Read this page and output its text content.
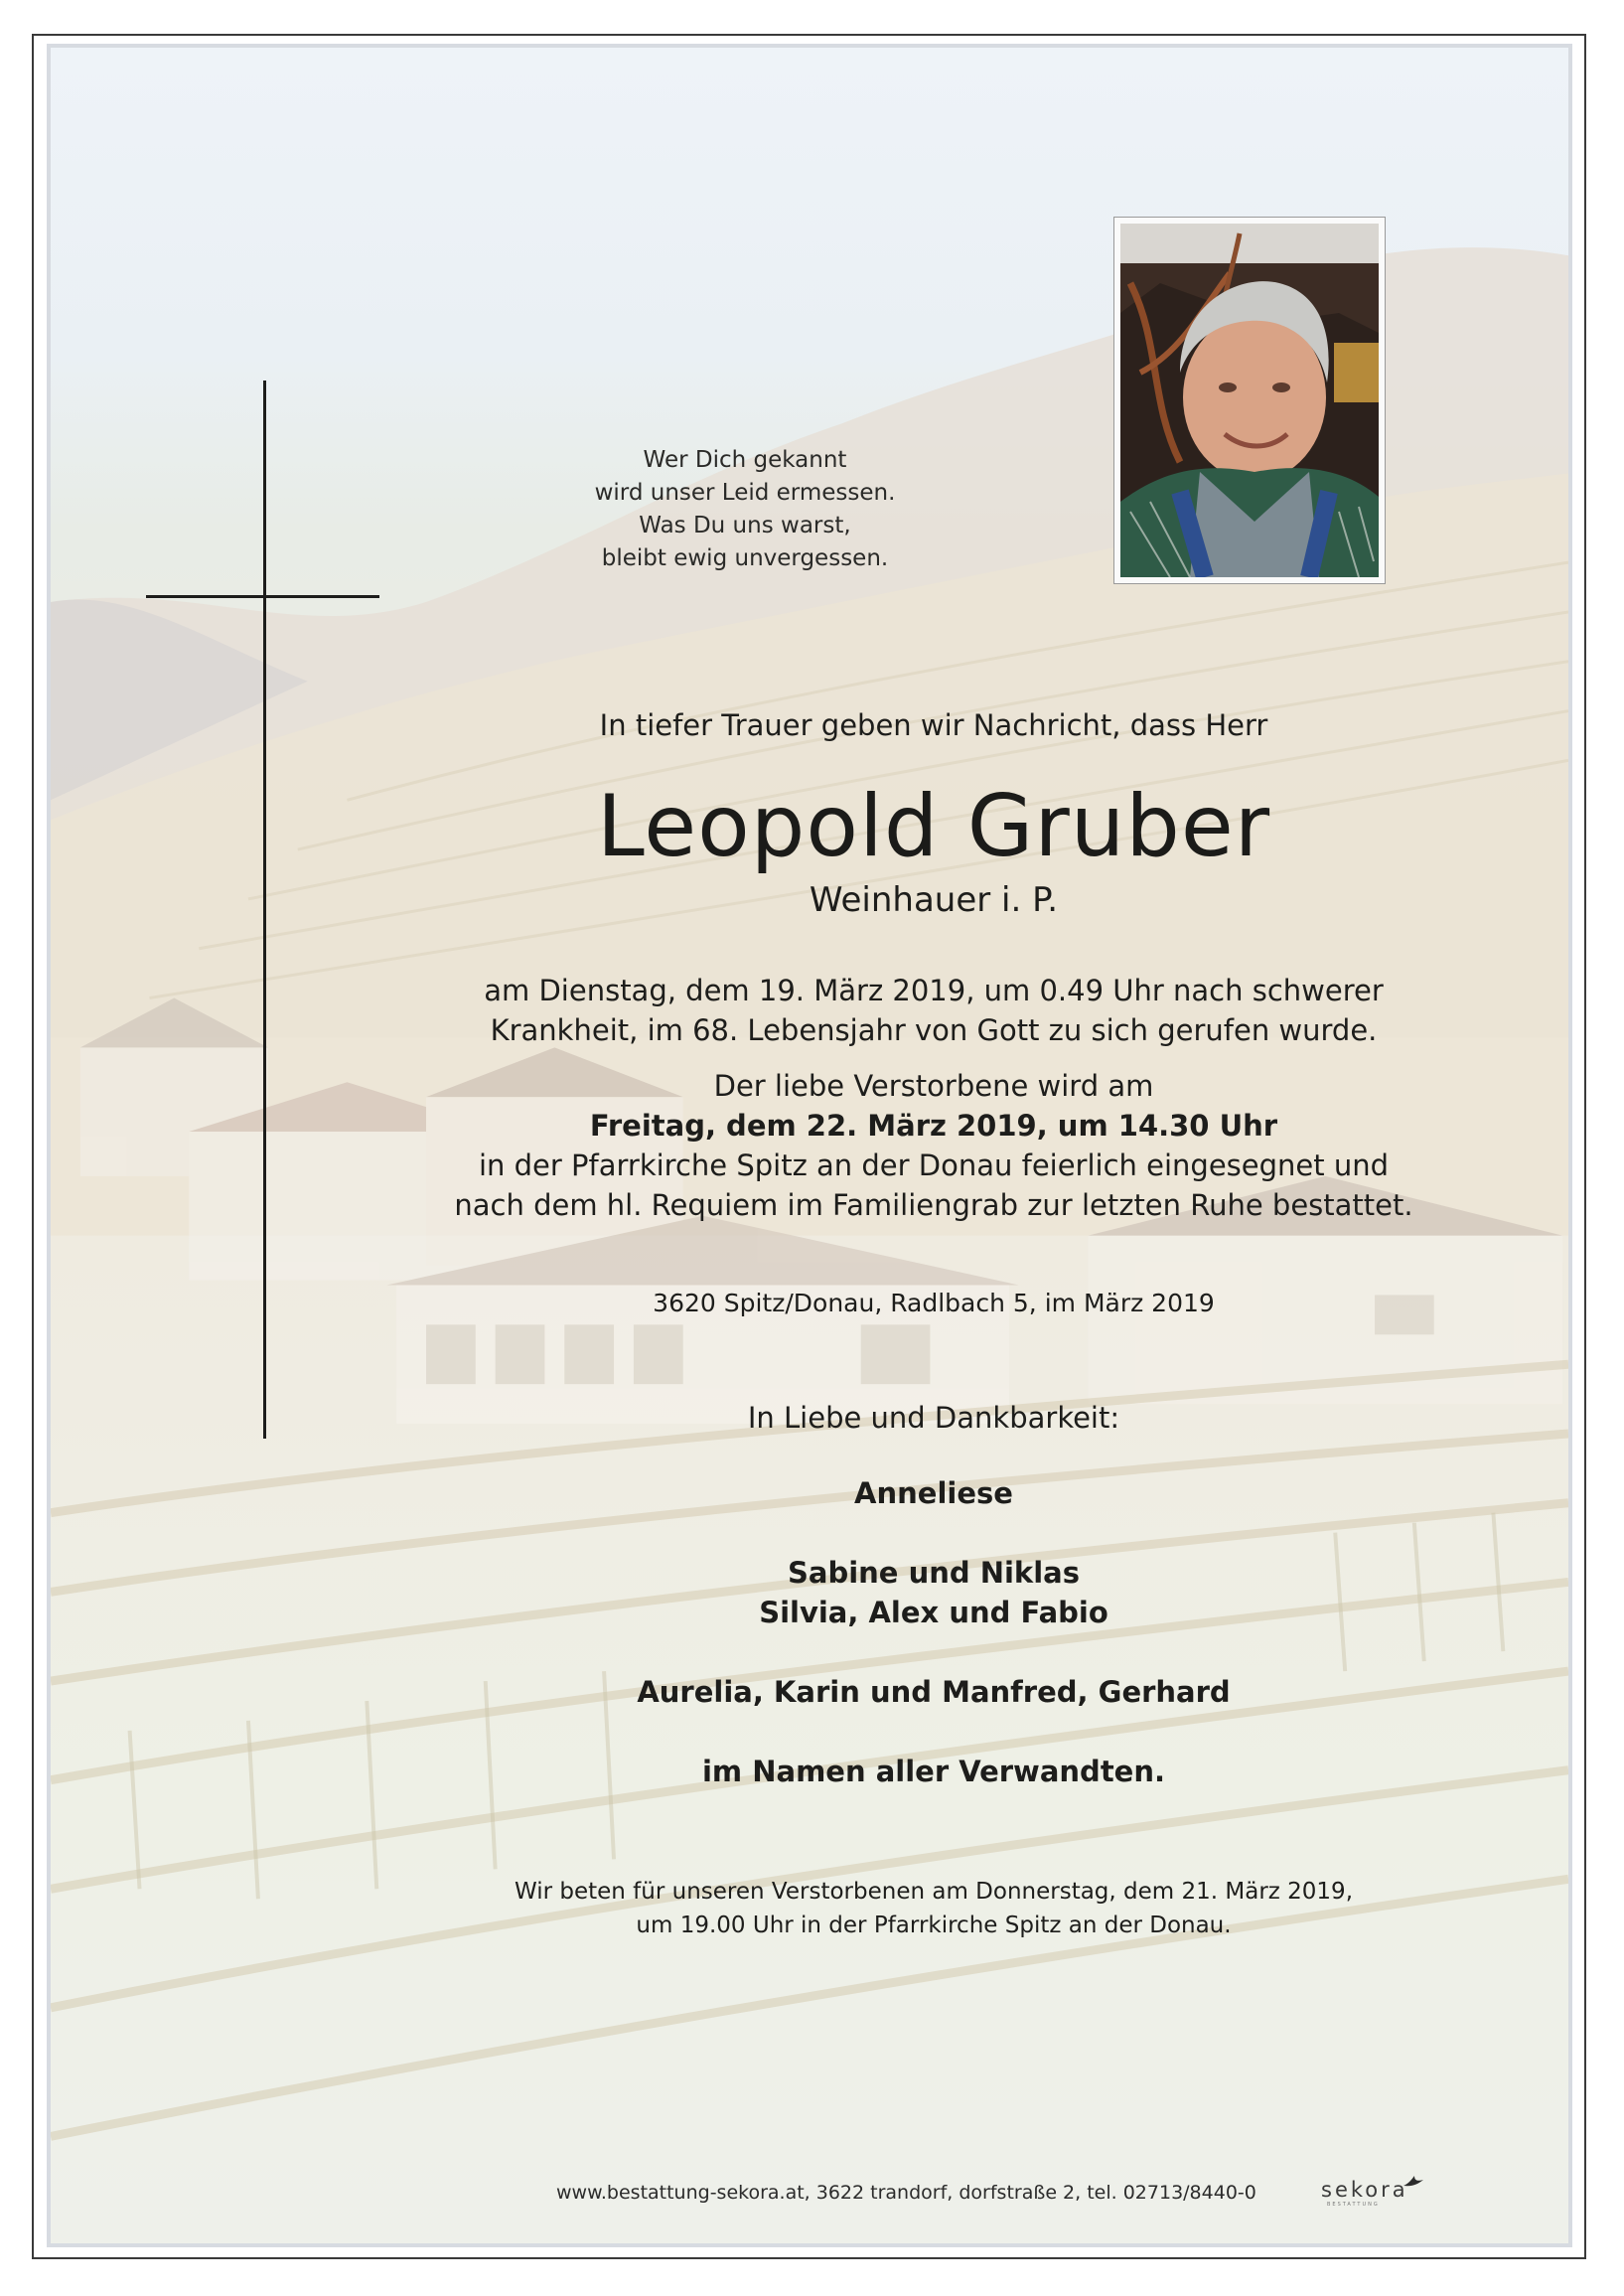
Wer Dich gekannt
wird unser Leid ermessen.
Was Du uns warst,
bleibt ewig unvergessen.
In tiefer Trauer geben wir Nachricht, dass Herr
Leopold Gruber
Weinhauer i. P.
am Dienstag, dem 19. März 2019, um 0.49 Uhr nach schwerer
Krankheit, im 68. Lebensjahr von Gott zu sich gerufen wurde.
Der liebe Verstorbene wird am
Freitag, dem 22. März 2019, um 14.30 Uhr
in der Pfarrkirche Spitz an der Donau feierlich eingesegnet und
nach dem hl. Requiem im Familiengrab zur letzten Ruhe bestattet.
3620 Spitz/Donau, Radlbach 5, im März 2019
In Liebe und Dankbarkeit:
Anneliese
Sabine und Niklas
Silvia, Alex und Fabio
Aurelia, Karin und Manfred, Gerhard
im Namen aller Verwandten.
Wir beten für unseren Verstorbenen am Donnerstag, dem 21. März 2019,
um 19.00 Uhr in der Pfarrkirche Spitz an der Donau.
www.bestattung-sekora.at, 3622 trandorf, dorfstraße 2, tel. 02713/8440-0	sekora
BESTATTUNG
